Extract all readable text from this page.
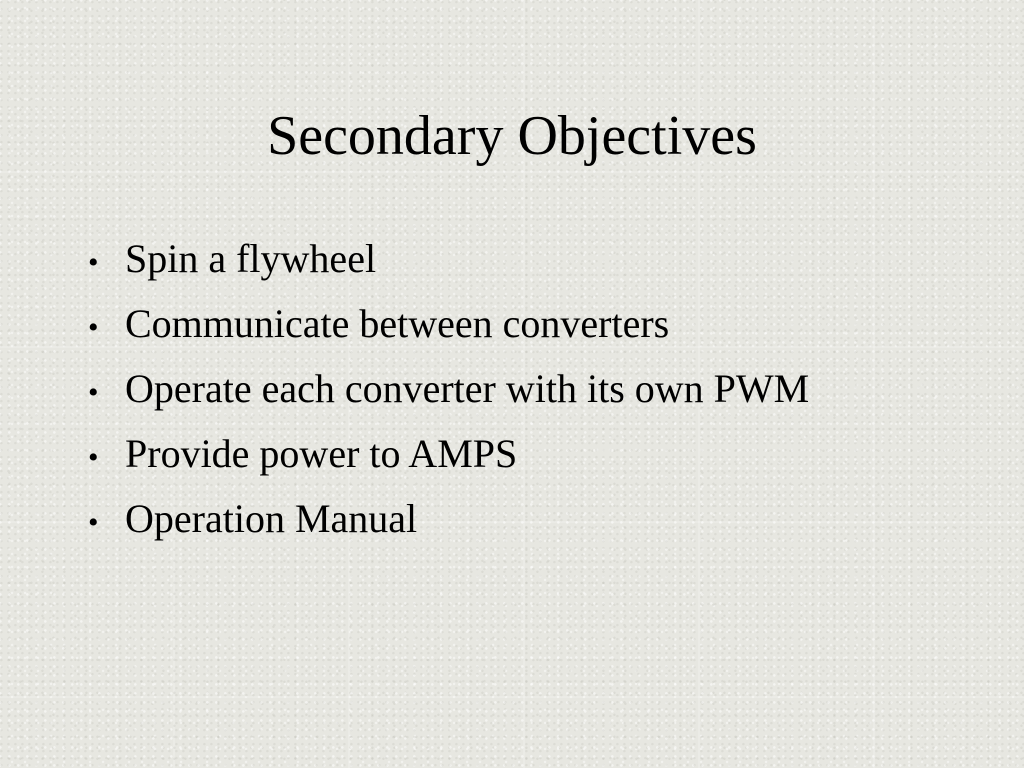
Secondary Objectives
• Spin a flywheel
• Communicate between converters
• Operate each converter with its own PWM
• Provide power to AMPS
• Operation Manual
